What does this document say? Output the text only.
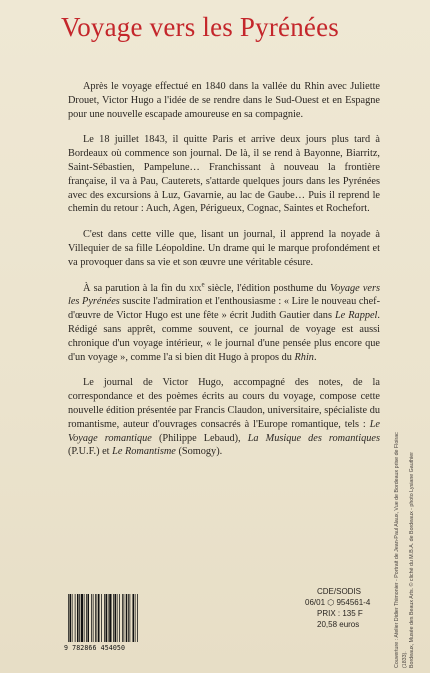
Voyage vers les Pyrénées

Après le voyage effectué en 1840 dans la vallée du Rhin avec Juliette Drouet, Victor Hugo a l'idée de se rendre dans le Sud-Ouest et en Espagne pour une nouvelle escapade amoureuse en sa compagnie.

Le 18 juillet 1843, il quitte Paris et arrive deux jours plus tard à Bordeaux où commence son journal. De là, il se rend à Bayonne, Biarritz, Saint-Sébastien, Pampelune… Franchissant à nouveau la frontière française, il va à Pau, Cauterets, s'attarde quelques jours dans les Pyrénées avec des excursions à Luz, Gavarnie, au lac de Gaube… Puis il reprend le chemin du retour : Auch, Agen, Périgueux, Cognac, Saintes et Rochefort.

C'est dans cette ville que, lisant un journal, il apprend la noyade à Villequier de sa fille Léopoldine. Un drame qui le marque profondément et va provoquer dans sa vie et son œuvre une véritable césure.

À sa parution à la fin du xix$^e$ siècle, l'édition posthume du Voyage vers les Pyrénées suscite l'admiration et l'enthousiasme : « Lire le nouveau chef-d'œuvre de Victor Hugo est une fête » écrit Judith Gautier dans Le Rappel. Rédigé sans apprêt, comme souvent, ce journal de voyage est aussi chronique d'un voyage intérieur, « le journal d'une pensée plus encore que d'un voyage », comme l'a si bien dit Hugo à propos du Rhin.

Le journal de Victor Hugo, accompagné des notes, de la correspondance et des poèmes écrits au cours du voyage, compose cette nouvelle édition présentée par Francis Claudon, universitaire, spécialiste du romantisme, auteur d'ouvrages consacrés à l'Europe romantique, tels : Le Voyage romantique (Philippe Lebaud), La Musique des romantiques (P.U.F.) et Le Romantisme (Somogy).	Couverture : Atelier Didier Thimonier - Portrait de Jean-Paul Alaux, Vue de Bordeaux prise de Floirac (1833). Bordeaux, Musée des Beaux Arts. © cliché du M.B.A. de Bordeaux - photo Lysiane Gauthier
9 782866 454050
CDE/SODIS
06/01 ⬡ 954561-4
PRIX : 135 F
20,58 euros
